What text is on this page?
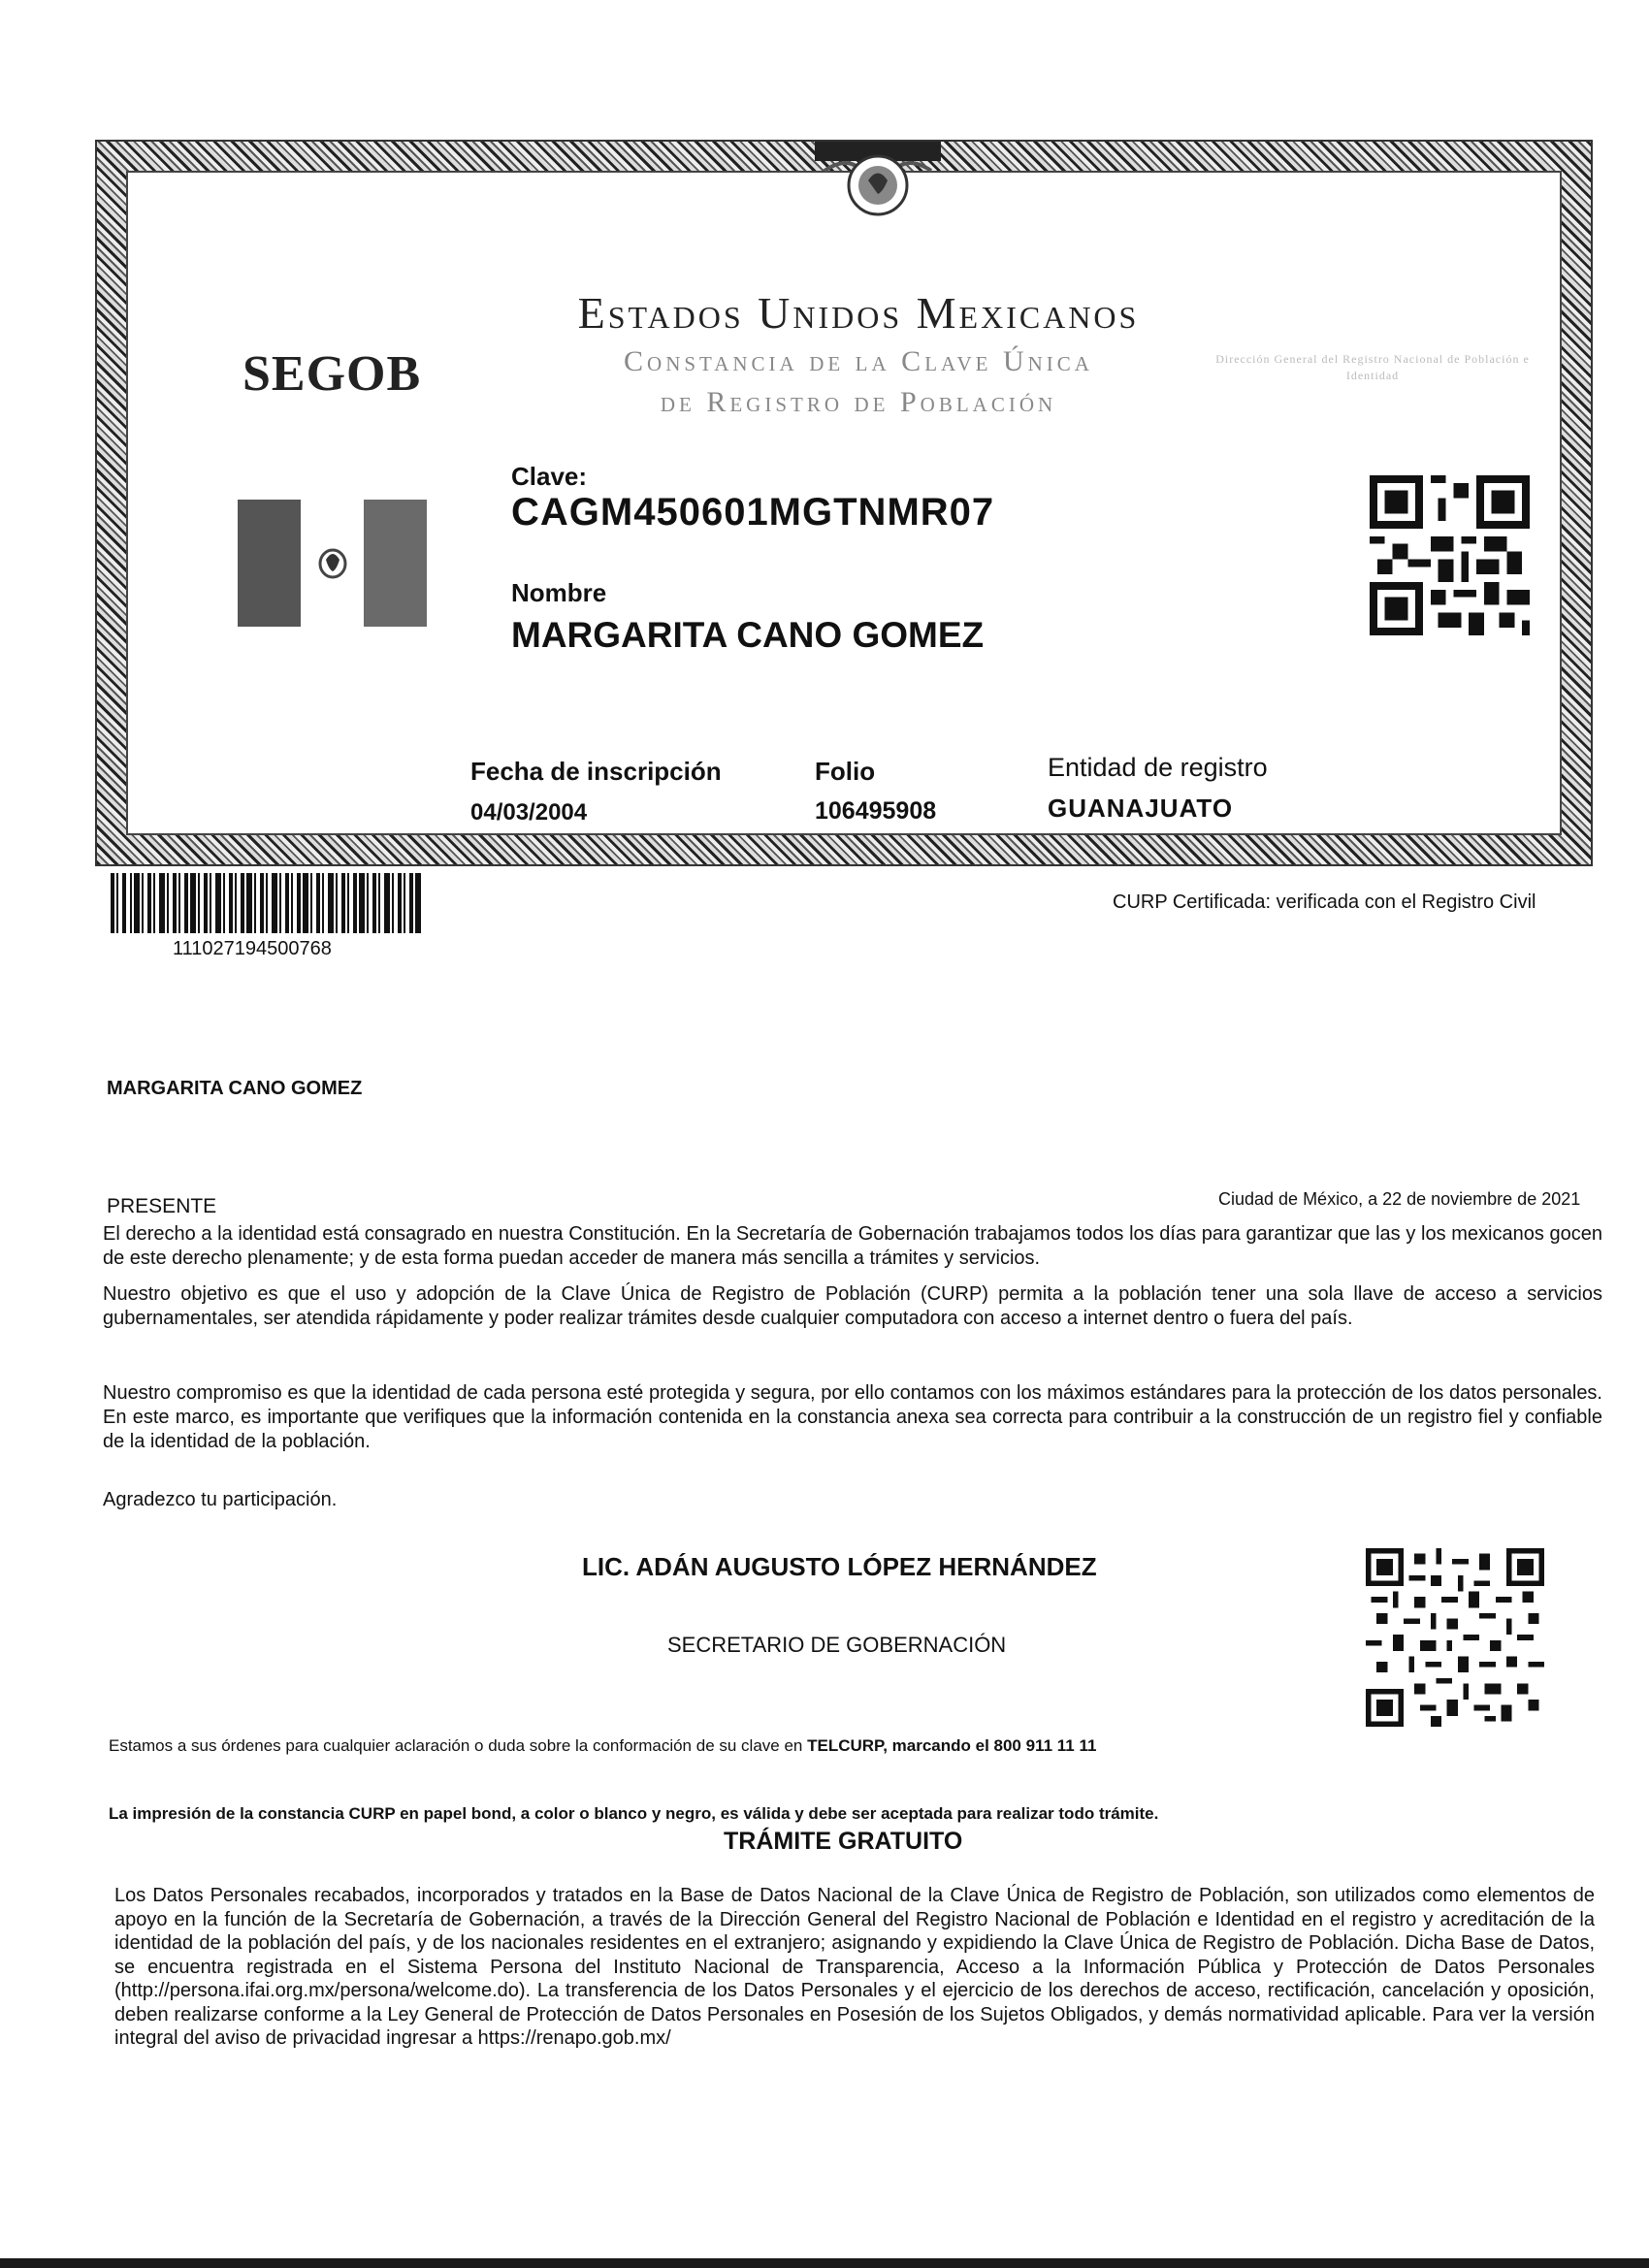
Estados Unidos Mexicanos
Constancia de la Clave Única
de Registro de Población
SEGOB	Dirección General del Registro Nacional de Población e Identidad
Clave:
CAGM450601MGTNMR07
Nombre
MARGARITA CANO GOMEZ
Fecha de inscripción
04/03/2004
Folio
106495908
Entidad de registro
GUANAJUATO
111027194500768
CURP Certificada: verificada con el Registro Civil
MARGARITA CANO GOMEZ
PRESENTE	Ciudad de México, a 22 de noviembre de 2021
El derecho a la identidad está consagrado en nuestra Constitución. En la Secretaría de Gobernación trabajamos todos los días para garantizar que las y los mexicanos gocen de este derecho plenamente; y de esta forma puedan acceder de manera más sencilla a trámites y servicios.
Nuestro objetivo es que el uso y adopción de la Clave Única de Registro de Población (CURP) permita a la población tener una sola llave de acceso a servicios gubernamentales, ser atendida rápidamente y poder realizar trámites desde cualquier computadora con acceso a internet dentro o fuera del país.
Nuestro compromiso es que la identidad de cada persona esté protegida y segura, por ello contamos con los máximos estándares para la protección de los datos personales. En este marco, es importante que verifiques que la información contenida en la constancia anexa sea correcta para contribuir a la construcción de un registro fiel y confiable de la identidad de la población.
Agradezco tu participación.
LIC. ADÁN AUGUSTO LÓPEZ HERNÁNDEZ
SECRETARIO DE GOBERNACIÓN
Estamos a sus órdenes para cualquier aclaración o duda sobre la conformación de su clave en TELCURP, marcando el 800 911 11 11
La impresión de la constancia CURP en papel bond, a color o blanco y negro, es válida y debe ser aceptada para realizar todo trámite.
TRÁMITE GRATUITO
Los Datos Personales recabados, incorporados y tratados en la Base de Datos Nacional de la Clave Única de Registro de Población, son utilizados como elementos de apoyo en la función de la Secretaría de Gobernación, a través de la Dirección General del Registro Nacional de Población e Identidad en el registro y acreditación de la identidad de la población del país, y de los nacionales residentes en el extranjero; asignando y expidiendo la Clave Única de Registro de Población. Dicha Base de Datos, se encuentra registrada en el Sistema Persona del Instituto Nacional de Transparencia, Acceso a la Información Pública y Protección de Datos Personales (http://persona.ifai.org.mx/persona/welcome.do). La transferencia de los Datos Personales y el ejercicio de los derechos de acceso, rectificación, cancelación y oposición, deben realizarse conforme a la Ley General de Protección de Datos Personales en Posesión de los Sujetos Obligados, y demás normatividad aplicable. Para ver la versión integral del aviso de privacidad ingresar a https://renapo.gob.mx/
